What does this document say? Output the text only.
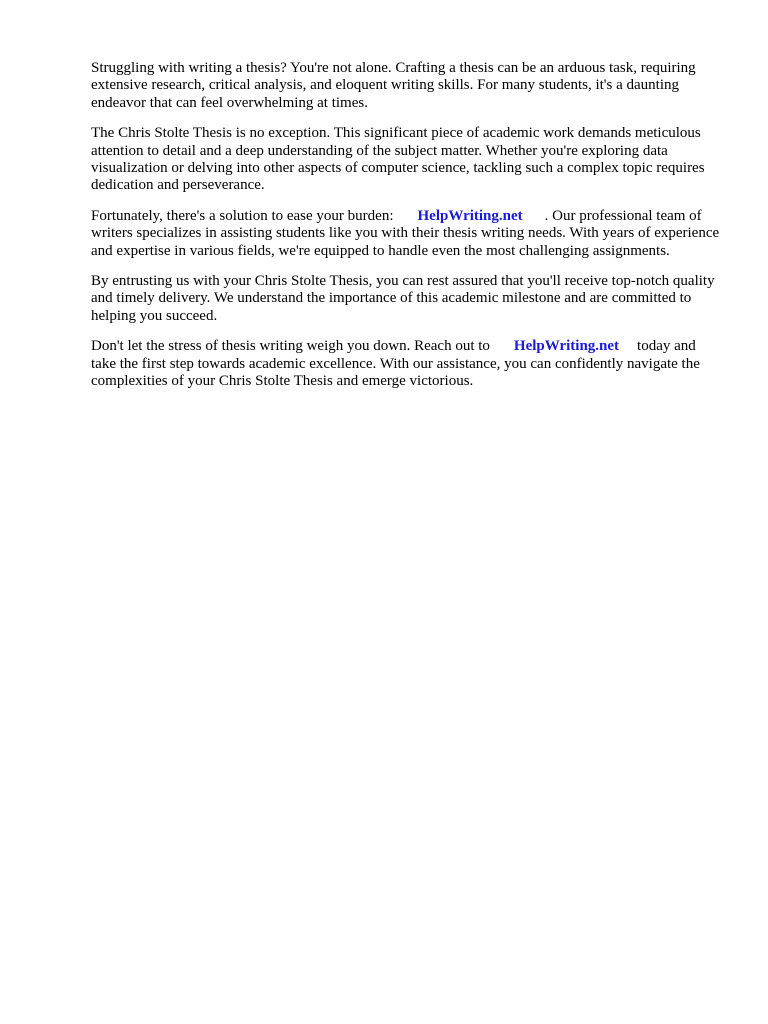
Struggling with writing a thesis? You're not alone. Crafting a thesis can be an arduous task, requiring extensive research, critical analysis, and eloquent writing skills. For many students, it's a daunting endeavor that can feel overwhelming at times.

The Chris Stolte Thesis is no exception. This significant piece of academic work demands meticulous attention to detail and a deep understanding of the subject matter. Whether you're exploring data visualization or delving into other aspects of computer science, tackling such a complex topic requires dedication and perseverance.

Fortunately, there's a solution to ease your burden: HelpWriting.net . Our professional team of writers specializes in assisting students like you with their thesis writing needs. With years of experience and expertise in various fields, we're equipped to handle even the most challenging assignments.

By entrusting us with your Chris Stolte Thesis, you can rest assured that you'll receive top-notch quality and timely delivery. We understand the importance of this academic milestone and are committed to helping you succeed.

Don't let the stress of thesis writing weigh you down. Reach out to HelpWriting.net today and take the first step towards academic excellence. With our assistance, you can confidently navigate the complexities of your Chris Stolte Thesis and emerge victorious.
